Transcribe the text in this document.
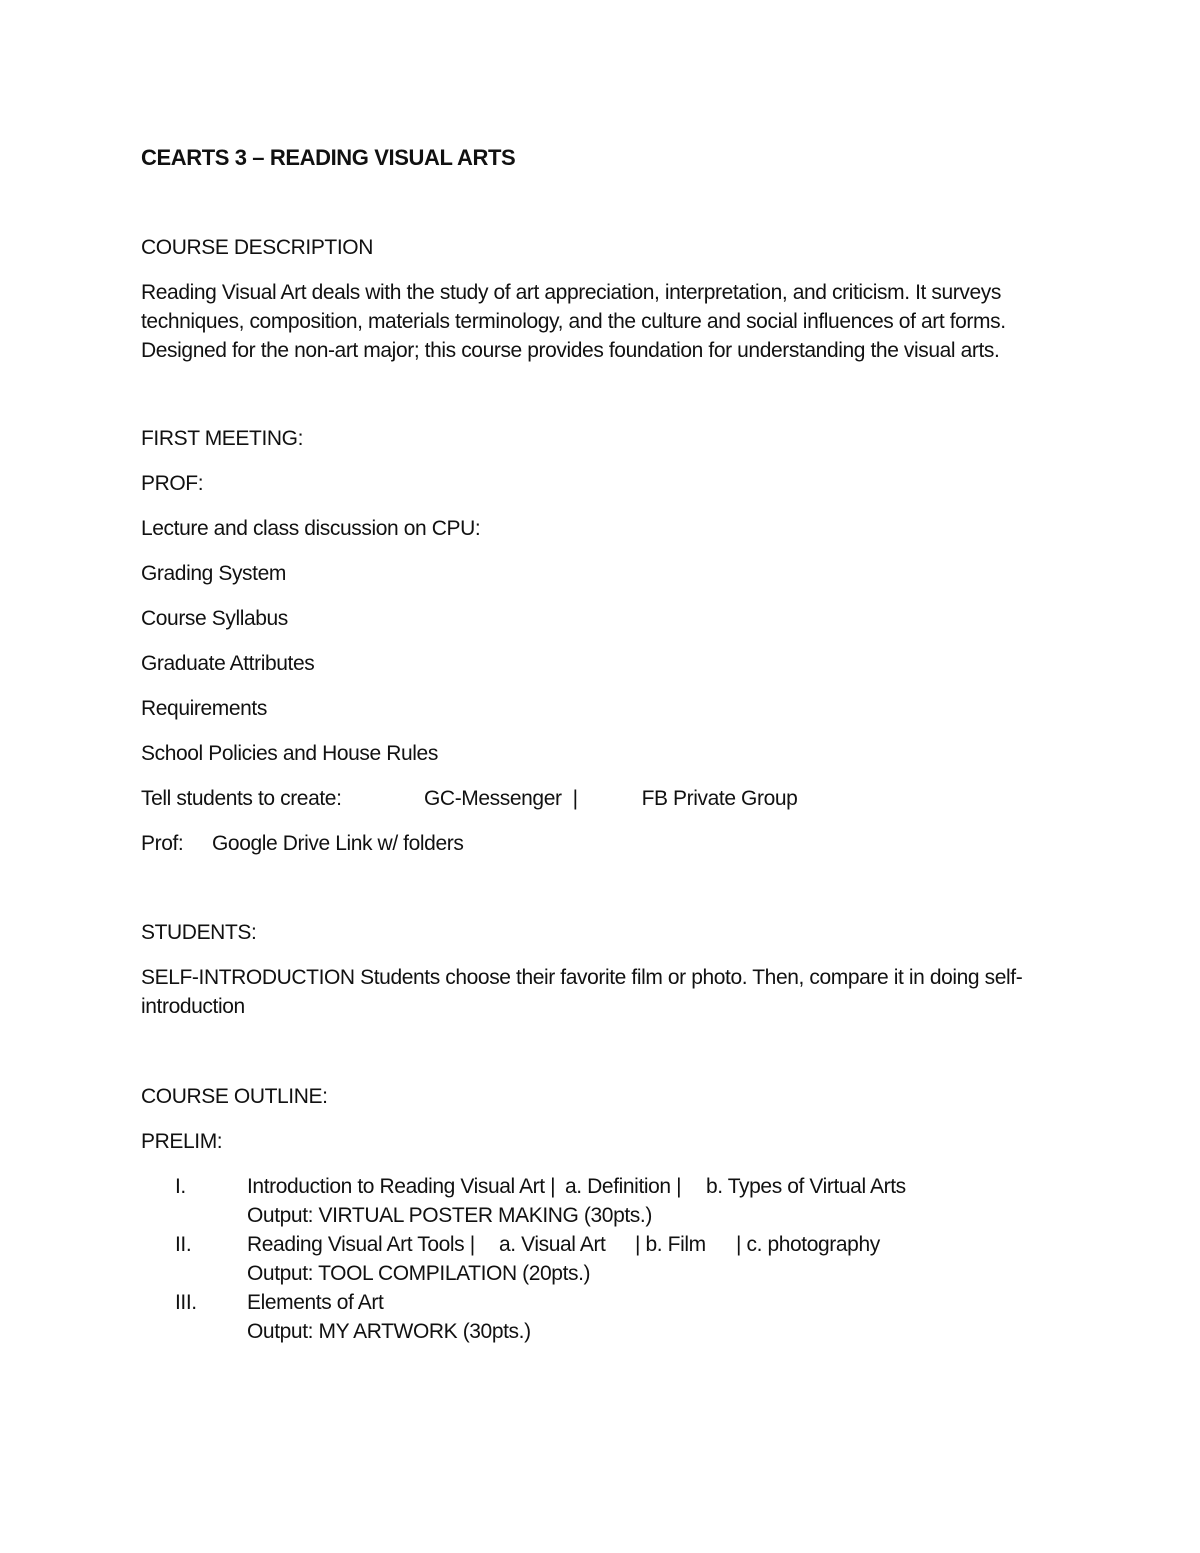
CEARTS 3 – READING VISUAL ARTS

COURSE DESCRIPTION

Reading Visual Art deals with the study of art appreciation, interpretation, and criticism. It surveys techniques, composition, materials terminology, and the culture and social influences of art forms. Designed for the non-art major; this course provides foundation for understanding the visual arts.

FIRST MEETING:

PROF:

Lecture and class discussion on CPU:

Grading System

Course Syllabus

Graduate Attributes

Requirements

School Policies and House Rules

Tell students to create:	GC-Messenger |	FB Private Group

Prof: Google Drive Link w/ folders

STUDENTS:

SELF-INTRODUCTION Students choose their favorite film or photo. Then, compare it in doing self-introduction

COURSE OUTLINE:

PRELIM:

I.	Introduction to Reading Visual Art | a. Definition | b. Types of Virtual Arts
Output: VIRTUAL POSTER MAKING (30pts.)
II.	Reading Visual Art Tools | a. Visual Art | b. Film | c. photography
Output: TOOL COMPILATION (20pts.)
III.	Elements of Art
Output: MY ARTWORK (30pts.)
